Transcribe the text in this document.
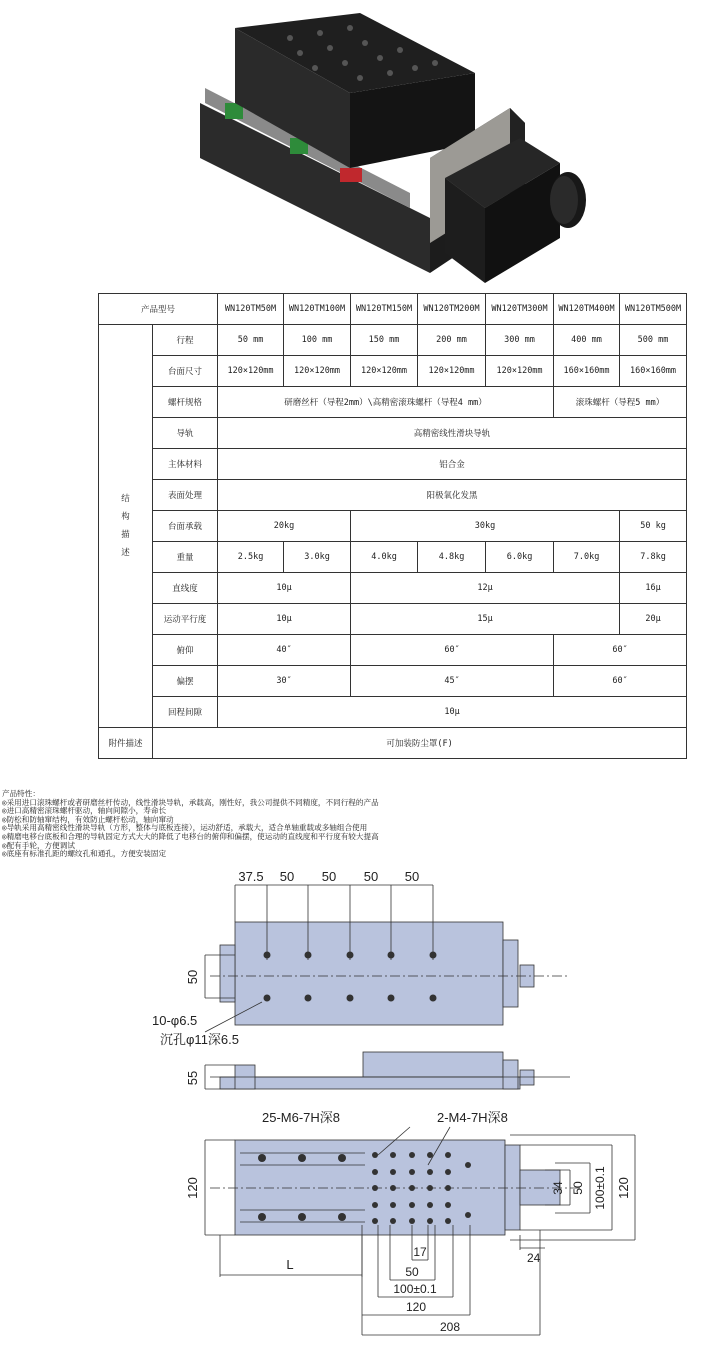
产品型号		WN120TM50M	WN120TM100M	WN120TM150M	WN120TM200M	WN120TM300M	WN120TM400M	WN120TM500M

结
构
描
述	行程	50 mm	100 mm	150 mm	200 mm	300 mm	400 mm	500 mm
	台面尺寸	120×120mm	120×120mm	120×120mm	120×120mm	120×120mm	160×160mm	160×160mm
	螺杆规格	研磨丝杆（导程2mm）\高精密滚珠螺杆（导程4 mm）					滚珠螺杆（导程5 mm）	
	导轨	高精密线性滑块导轨						
	主体材料	铝合金						
	表面处理	阳极氧化发黑						
	台面承载	20kg		30kg				50 kg
	重量	2.5kg	3.0kg	4.0kg	4.8kg	6.0kg	7.0kg	7.8kg
	直线度	10μ		12μ				16μ
	运动平行度	10μ		15μ				20μ
	俯仰	40″		60″			60″	
	偏摆	30″		45″			60″	
	回程间隙	10μ						
附件描述	可加装防尘罩(F)							
产品特性：
◎采用进口滚珠螺杆或者研磨丝杆传动，线性滑块导轨，承载高，刚性好，我公司提供不同精度，不同行程的产品
◎进口高精密滚珠螺杆驱动，轴向间隙小，寿命长
◎防松和防轴窜结构，有效防止螺杆松动，轴向窜动
◎导轨采用高精密线性滑块导轨（方形，整体与底板连接），运动舒适，承载大，适合单轴重载或多轴组合使用
◎精磨电移台底板和合理的导轨固定方式大大的降低了电移台的俯仰和偏摆，使运动的直线度和平行度有较大提高
◎配有手轮，方便调试
◎底座有标准孔距的螺纹孔和通孔，方便安装固定
37.5 50 50 50 50
50
10-φ6.5
沉孔φ11深6.5
55
25-M6-7H深8	2-M4-7H深8
120	34 50 100±0.1 120
17	24
L	50
100±0.1
120
208
